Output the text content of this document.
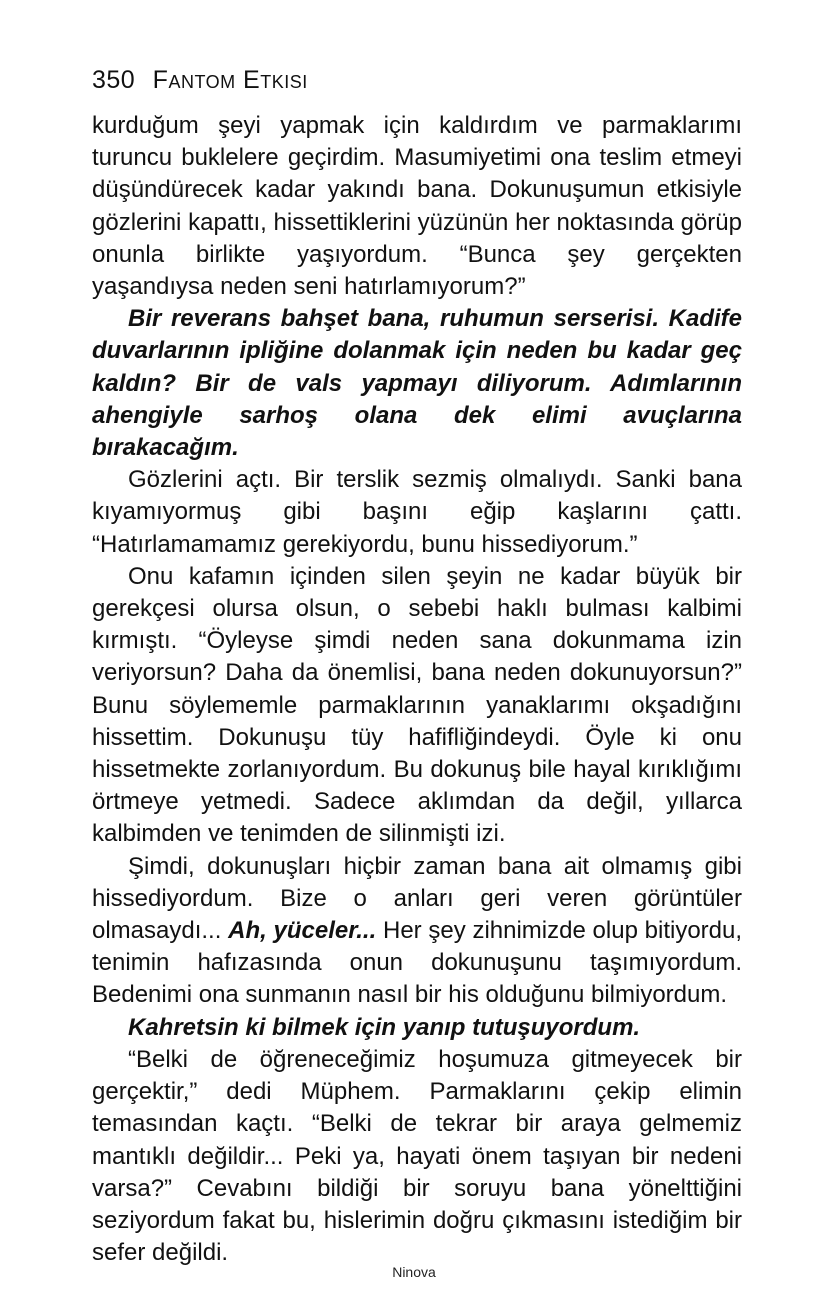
350 Fantom Etkisi

kurduğum şeyi yapmak için kaldırdım ve parmaklarımı turuncu buklelere geçirdim. Masumiyetimi ona teslim etmeyi düşündürecek kadar yakındı bana. Dokunuşumun etkisiyle gözlerini kapattı, hissettiklerini yüzünün her noktasında görüp onunla birlikte yaşıyordum. “Bunca şey gerçekten yaşandıysa neden seni hatırlamıyorum?”

Bir reverans bahşet bana, ruhumun serserisi. Kadife duvarlarının ipliğine dolanmak için neden bu kadar geç kaldın? Bir de vals yapmayı diliyorum. Adımlarının ahengiyle sarhoş olana dek elimi avuçlarına bırakacağım.

Gözlerini açtı. Bir terslik sezmiş olmalıydı. Sanki bana kıyamıyormuş gibi başını eğip kaşlarını çattı. “Hatırlamamamız gerekiyordu, bunu hissediyorum.”

Onu kafamın içinden silen şeyin ne kadar büyük bir gerekçesi olursa olsun, o sebebi haklı bulması kalbimi kırmıştı. “Öyleyse şimdi neden sana dokunmama izin veriyorsun? Daha da önemlisi, bana neden dokunuyorsun?” Bunu söylememle parmaklarının yanaklarımı okşadığını hissettim. Dokunuşu tüy hafifliğindeydi. Öyle ki onu hissetmekte zorlanıyordum. Bu dokunuş bile hayal kırıklığımı örtmeye yetmedi. Sadece aklımdan da değil, yıllarca kalbimden ve tenimden de silinmişti izi.

Şimdi, dokunuşları hiçbir zaman bana ait olmamış gibi hissediyordum. Bize o anları geri veren görüntüler olmasaydı... Ah, yüceler... Her şey zihnimizde olup bitiyordu, tenimin hafızasında onun dokunuşunu taşımıyordum. Bedenimi ona sunmanın nasıl bir his olduğunu bilmiyordum.

Kahretsin ki bilmek için yanıp tutuşuyordum.

“Belki de öğreneceğimiz hoşumuza gitmeyecek bir gerçektir,” dedi Müphem. Parmaklarını çekip elimin temasından kaçtı. “Belki de tekrar bir araya gelmemiz mantıklı değildir... Peki ya, hayati önem taşıyan bir nedeni varsa?” Cevabını bildiği bir soruyu bana yönelttiğini seziyordum fakat bu, hislerimin doğru çıkmasını istediğim bir sefer değildi.

Ninova
